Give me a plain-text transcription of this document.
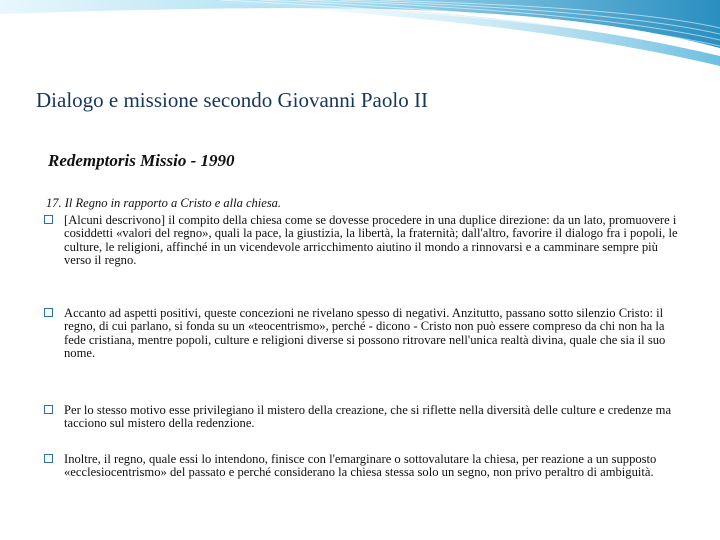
Dialogo e missione secondo Giovanni Paolo II
Redemptoris Missio - 1990
17. Il Regno in rapporto a Cristo e alla chiesa.
[Alcuni descrivono] il compito della chiesa come se dovesse procedere in una duplice direzione: da un lato, promuovere i cosiddetti «valori del regno», quali la pace, la giustizia, la libertà, la fraternità; dall'altro, favorire il dialogo fra i popoli, le culture, le religioni, affinché in un vicendevole arricchimento aiutino il mondo a rinnovarsi e a camminare sempre più verso il regno.
Accanto ad aspetti positivi, queste concezioni ne rivelano spesso di negativi. Anzitutto, passano sotto silenzio Cristo: il regno, di cui parlano, si fonda su un «teocentrismo», perché - dicono - Cristo non può essere compreso da chi non ha la fede cristiana, mentre popoli, culture e religioni diverse si possono ritrovare nell'unica realtà divina, quale che sia il suo nome.
Per lo stesso motivo esse privilegiano il mistero della creazione, che si riflette nella diversità delle culture e credenze ma tacciono sul mistero della redenzione.
Inoltre, il regno, quale essi lo intendono, finisce con l'emarginare o sottovalutare la chiesa, per reazione a un supposto «ecclesiocentrismo» del passato e perché considerano la chiesa stessa solo un segno, non privo peraltro di ambiguità.
